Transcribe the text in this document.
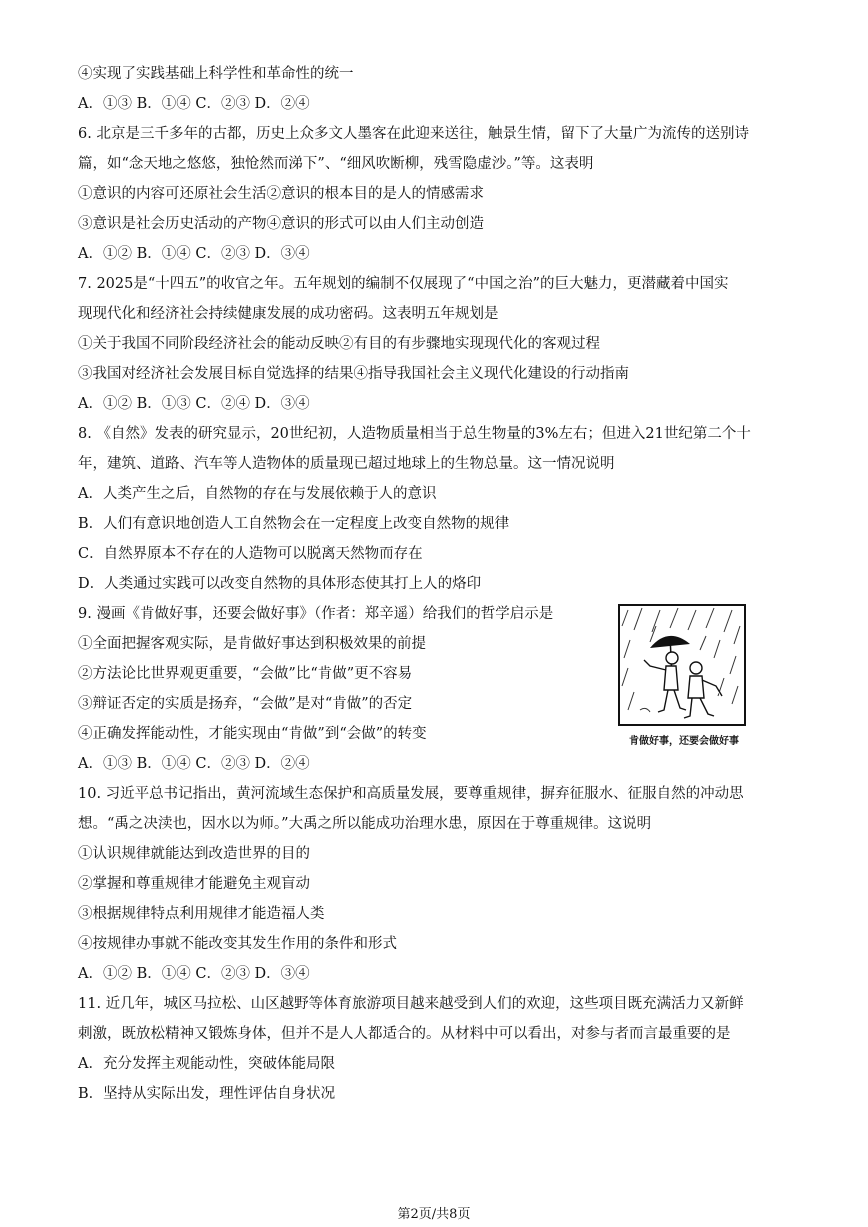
④实现了实践基础上科学性和革命性的统一
A．①③ B．①④ C．②③ D．②④
6. 北京是三千多年的古都，历史上众多文人墨客在此迎来送往，触景生情，留下了大量广为流传的送别诗
篇，如“念天地之悠悠，独怆然而涕下”、“细风吹断柳，残雪隐虚沙。”等。这表明
①意识的内容可还原社会生活②意识的根本目的是人的情感需求
③意识是社会历史活动的产物④意识的形式可以由人们主动创造
A．①② B．①④ C．②③ D．③④
7. 2025是“十四五”的收官之年。五年规划的编制不仅展现了“中国之治”的巨大魅力，更潜藏着中国实
现现代化和经济社会持续健康发展的成功密码。这表明五年规划是
①关于我国不同阶段经济社会的能动反映②有目的有步骤地实现现代化的客观过程
③我国对经济社会发展目标自觉选择的结果④指导我国社会主义现代化建设的行动指南
A．①② B．①③ C．②④ D．③④
8. 《自然》发表的研究显示，20世纪初，人造物质量相当于总生物量的3%左右；但进入21世纪第二个十
年，建筑、道路、汽车等人造物体的质量现已超过地球上的生物总量。这一情况说明
A．人类产生之后，自然物的存在与发展依赖于人的意识
B．人们有意识地创造人工自然物会在一定程度上改变自然物的规律
C．自然界原本不存在的人造物可以脱离天然物而存在
D．人类通过实践可以改变自然物的具体形态使其打上人的烙印
9. 漫画《肯做好事，还要会做好事》（作者：郑辛遥）给我们的哲学启示是
①全面把握客观实际，是肯做好事达到积极效果的前提
②方法论比世界观更重要，“会做”比“肯做”更不容易
③辩证否定的实质是扬弃，“会做”是对“肯做”的否定
④正确发挥能动性，才能实现由“肯做”到“会做”的转变
A．①③ B．①④ C．②③ D．②④
10. 习近平总书记指出，黄河流域生态保护和高质量发展，要尊重规律，摒弃征服水、征服自然的冲动思
想。“禹之决渎也，因水以为师。”大禹之所以能成功治理水患，原因在于尊重规律。这说明
①认识规律就能达到改造世界的目的
②掌握和尊重规律才能避免主观盲动
③根据规律特点利用规律才能造福人类
④按规律办事就不能改变其发生作用的条件和形式
A．①② B．①④ C．②③ D．③④
11. 近几年，城区马拉松、山区越野等体育旅游项目越来越受到人们的欢迎，这些项目既充满活力又新鲜
刺激，既放松精神又锻炼身体，但并不是人人都适合的。从材料中可以看出，对参与者而言最重要的是
A．充分发挥主观能动性，突破体能局限
B．坚持从实际出发，理性评估自身状况
肯做好事，还要会做好事
第2页/共8页
